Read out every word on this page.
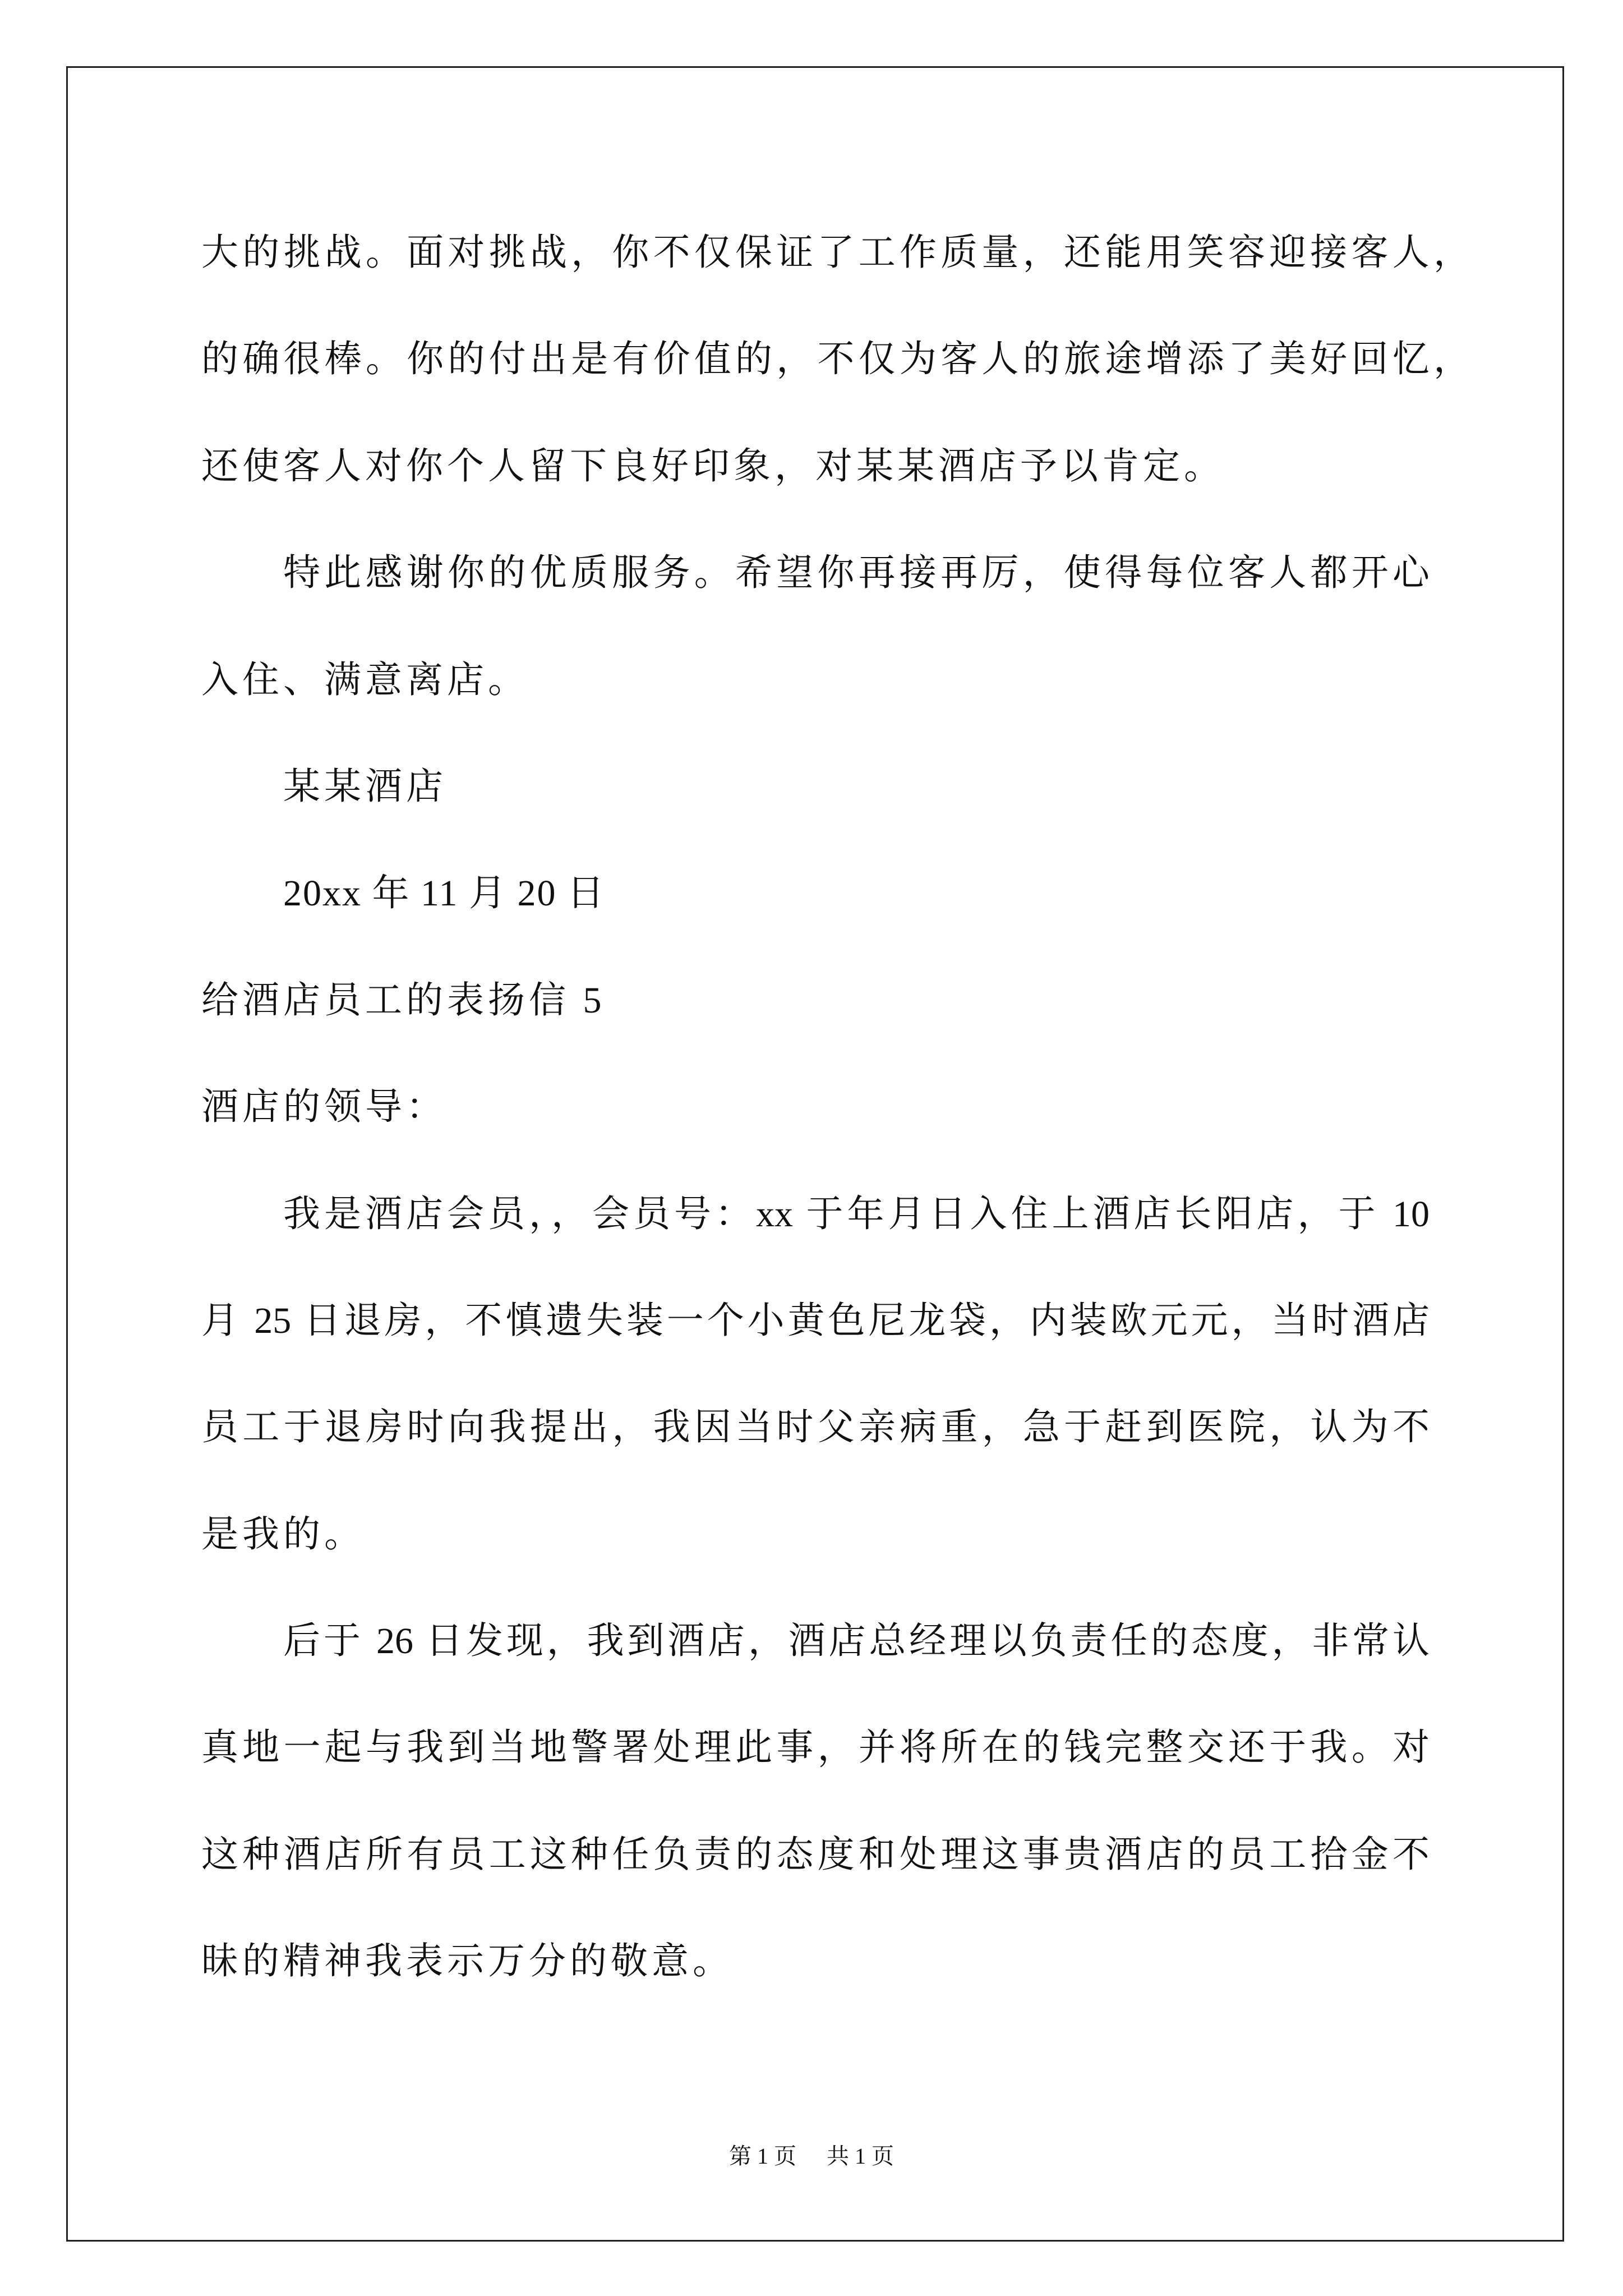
大的挑战。面对挑战，你不仅保证了工作质量，还能用笑容迎接客人，
的确很棒。你的付出是有价值的，不仅为客人的旅途增添了美好回忆，
还使客人对你个人留下良好印象，对某某酒店予以肯定。
特此感谢你的优质服务。希望你再接再厉，使得每位客人都开心
入住、满意离店。
某某酒店
20xx 年 11 月 20 日
给酒店员工的表扬信 5
酒店的领导：
我是酒店会员，，会员号：xx 于年月日入住上酒店长阳店，于 10
月 25 日退房，不慎遗失装一个小黄色尼龙袋，内装欧元元，当时酒店
员工于退房时向我提出，我因当时父亲病重，急于赶到医院，认为不
是我的。
后于 26 日发现，我到酒店，酒店总经理以负责任的态度，非常认
真地一起与我到当地警署处理此事，并将所在的钱完整交还于我。对
这种酒店所有员工这种任负责的态度和处理这事贵酒店的员工拾金不
昧的精神我表示万分的敬意。
第 1 页 共 1 页
